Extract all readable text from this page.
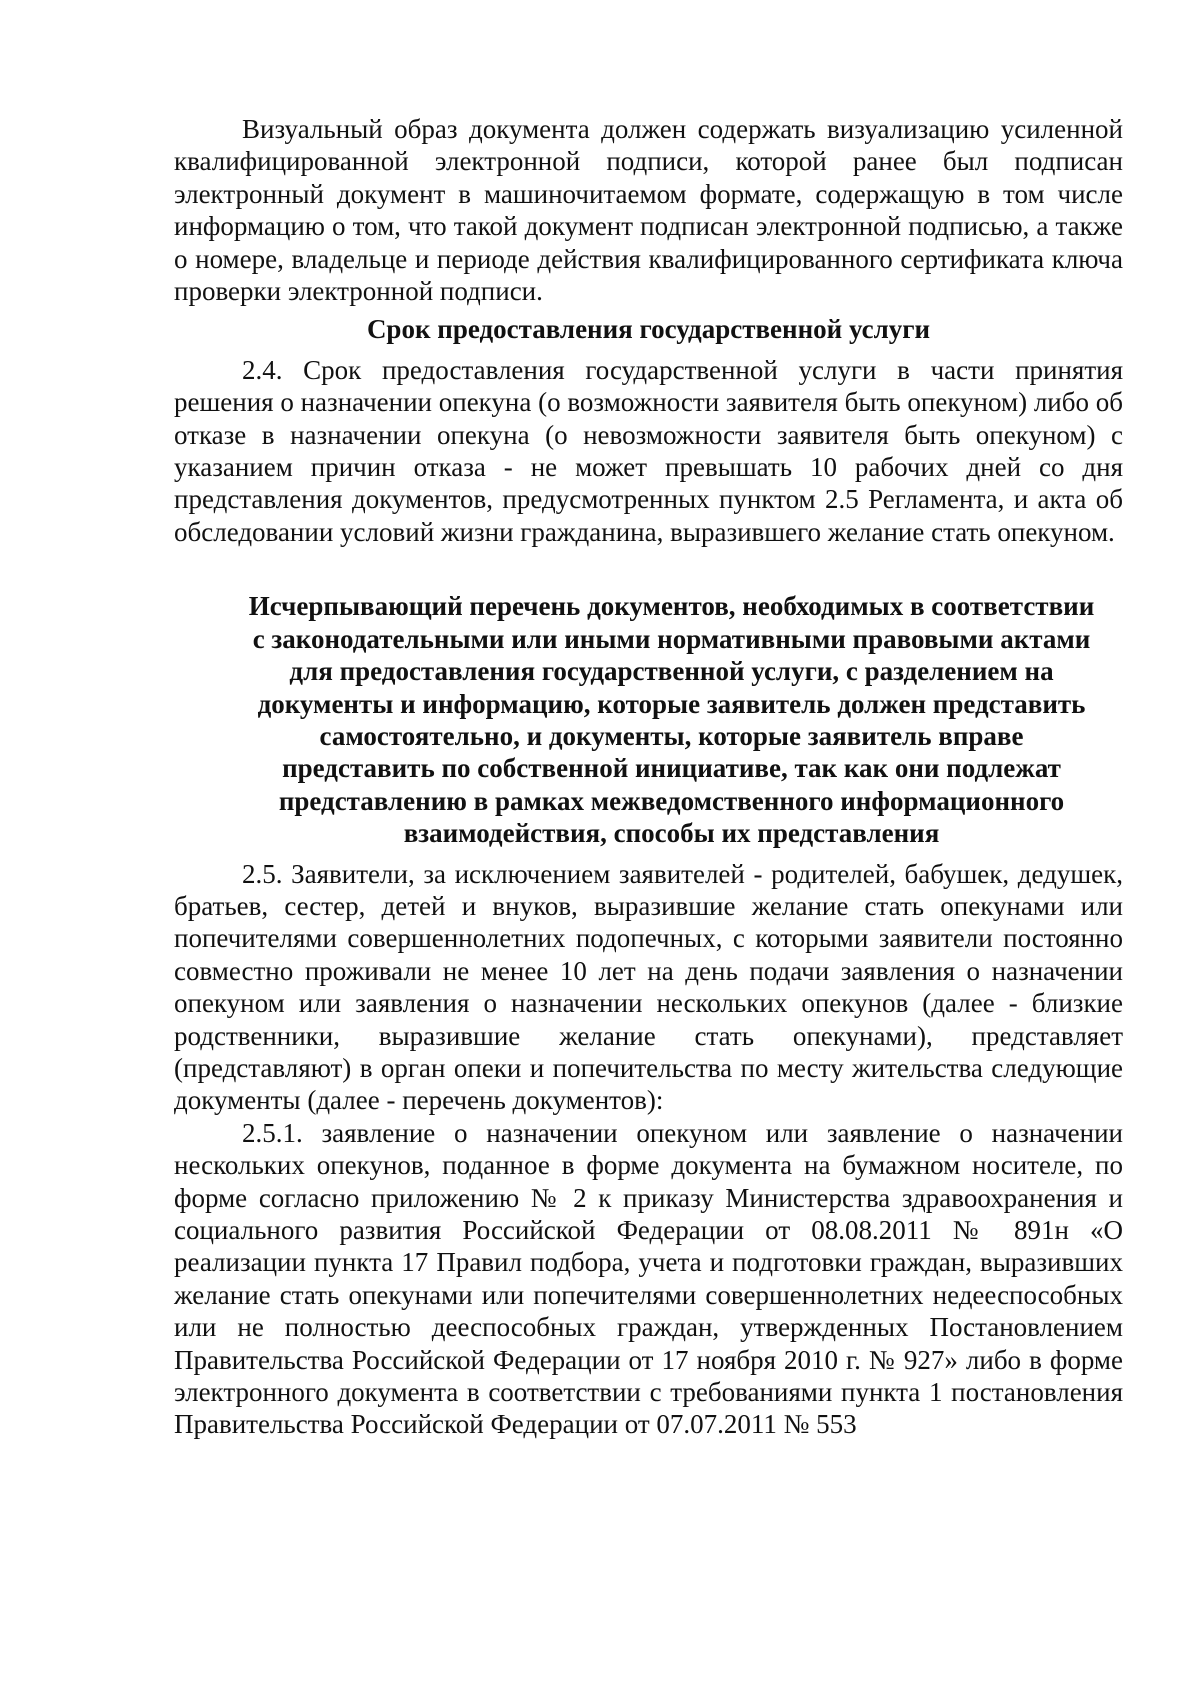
Визуальный образ документа должен содержать визуализацию усиленной квалифицированной электронной подписи, которой ранее был подписан электронный документ в машиночитаемом формате, содержащую в том числе информацию о том, что такой документ подписан электронной подписью, а также о номере, владельце и периоде действия квалифицированного сертификата ключа проверки электронной подписи.

Срок предоставления государственной услуги

2.4. Срок предоставления государственной услуги в части принятия решения о назначении опекуна (о возможности заявителя быть опекуном) либо об отказе в назначении опекуна (о невозможности заявителя быть опекуном) с указанием причин отказа - не может превышать 10 рабочих дней со дня представления документов, предусмотренных пунктом 2.5 Регламента, и акта об обследовании условий жизни гражданина, выразившего желание стать опекуном.

Исчерпывающий перечень документов, необходимых в соответствии с законодательными или иными нормативными правовыми актами для предоставления государственной услуги, с разделением на документы и информацию, которые заявитель должен представить самостоятельно, и документы, которые заявитель вправе представить по собственной инициативе, так как они подлежат представлению в рамках межведомственного информационного взаимодействия, способы их представления

2.5. Заявители, за исключением заявителей - родителей, бабушек, дедушек, братьев, сестер, детей и внуков, выразившие желание стать опекунами или попечителями совершеннолетних подопечных, с которыми заявители постоянно совместно проживали не менее 10 лет на день подачи заявления о назначении опекуном или заявления о назначении нескольких опекунов (далее - близкие родственники, выразившие желание стать опекунами), представляет (представляют) в орган опеки и попечительства по месту жительства следующие документы (далее - перечень документов):

2.5.1. заявление о назначении опекуном или заявление о назначении нескольких опекунов, поданное в форме документа на бумажном носителе, по форме согласно приложению № 2 к приказу Министерства здравоохранения и социального развития Российской Федерации от 08.08.2011 № 891н «О реализации пункта 17 Правил подбора, учета и подготовки граждан, выразивших желание стать опекунами или попечителями совершеннолетних недееспособных или не полностью дееспособных граждан, утвержденных Постановлением Правительства Российской Федерации от 17 ноября 2010 г. № 927» либо в форме электронного документа в соответствии с требованиями пункта 1 постановления Правительства Российской Федерации от 07.07.2011 № 553
